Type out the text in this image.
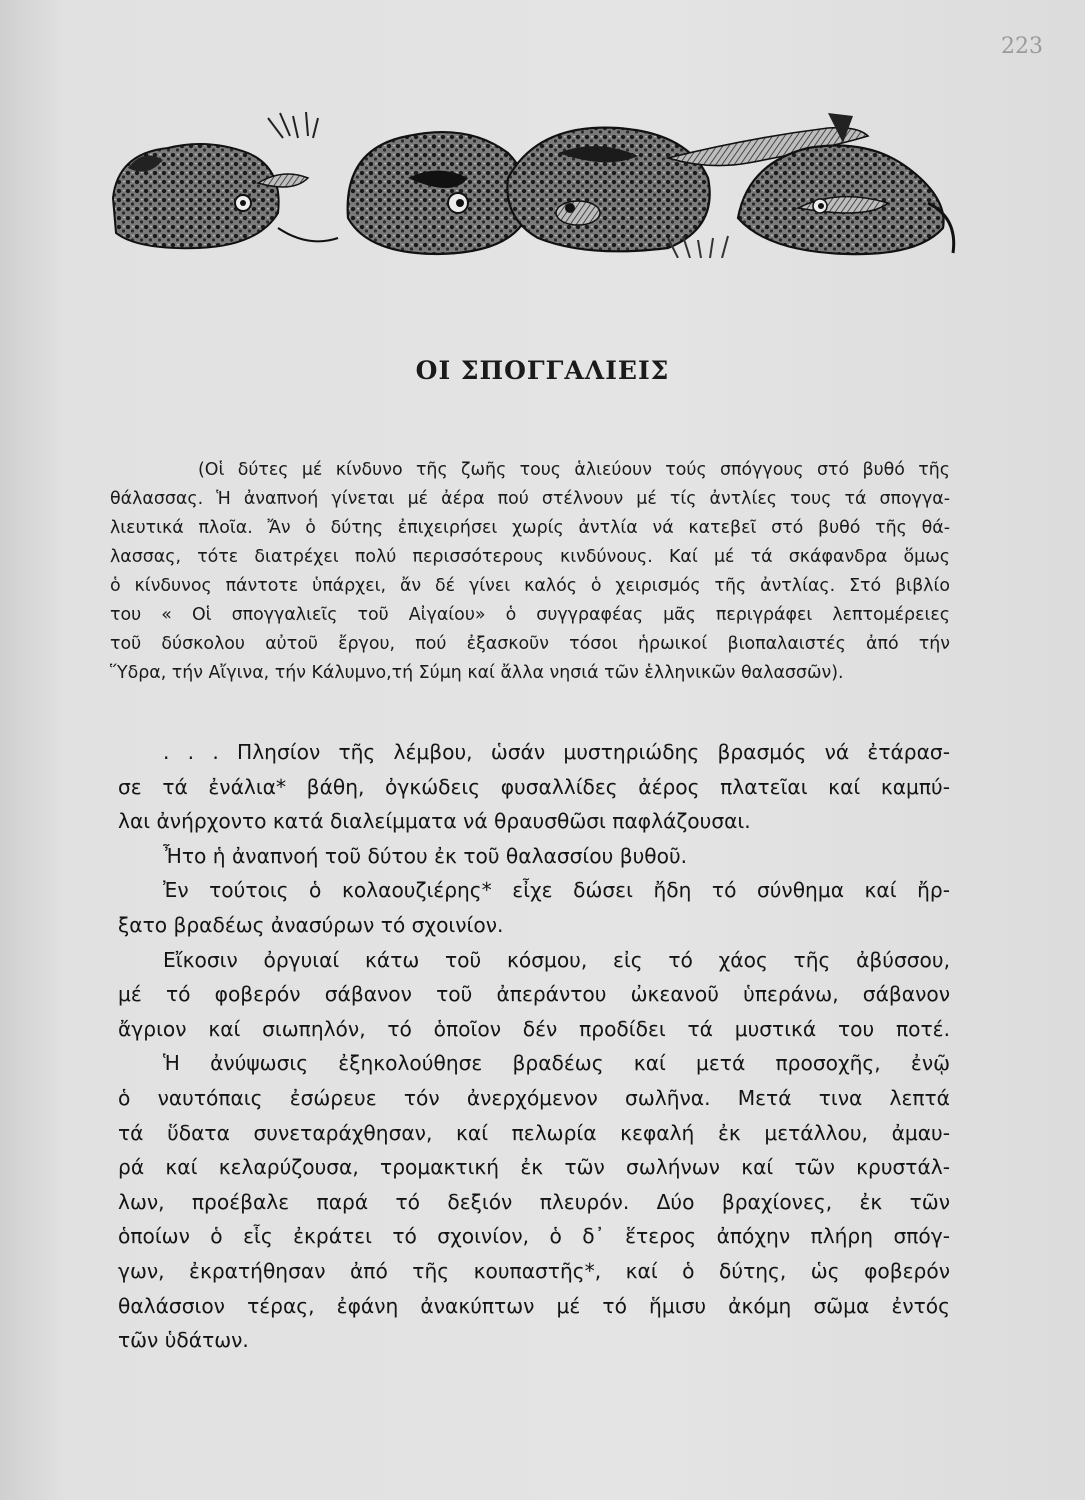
223
ΟΙ ΣΠΟΓΓΑΛΙΕΙΣ
(Οἱ δύτες μέ κίνδυνο τῆς ζωῆς τους ἁλιεύουν τούς σπόγγους στό βυθό τῆς
θάλασσας. Ἡ ἀναπνοή γίνεται μέ ἀέρα πού στέλνουν μέ τίς ἀντλίες τους τά σπογγα-
λιευτικά πλοῖα. Ἄν ὁ δύτης ἐπιχειρήσει χωρίς ἀντλία νά κατεβεῖ στό βυθό τῆς θά-
λασσας, τότε διατρέχει πολύ περισσότερους κινδύνους. Καί μέ τά σκάφανδρα ὅμως
ὁ κίνδυνος πάντοτε ὑπάρχει, ἄν δέ γίνει καλός ὁ χειρισμός τῆς ἀντλίας. Στό βιβλίο
του « Οἱ σπογγαλιεῖς τοῦ Αἰγαίου» ὁ συγγραφέας μᾶς περιγράφει λεπτομέρειες
τοῦ δύσκολου αὐτοῦ ἔργου, πού ἐξασκοῦν τόσοι ἡρωικοί βιοπαλαιστές ἀπό τήν
Ὕδρα, τήν Αἴγινα, τήν Κάλυμνο,τή Σύμη καί ἄλλα νησιά τῶν ἑλληνικῶν θαλασσῶν).
. . . Πλησίον τῆς λέμβου, ὡσάν μυστηριώδης βρασμός νά ἐτάρασ-
σε τά ἐνάλια* βάθη, ὀγκώδεις φυσαλλίδες ἀέρος πλατεῖαι καί καμπύ-
λαι ἀνήρχοντο κατά διαλείμματα νά θραυσθῶσι παφλάζουσαι.
Ἦτο ἡ ἀναπνοή τοῦ δύτου ἐκ τοῦ θαλασσίου βυθοῦ.
Ἐν τούτοις ὁ κολαουζιέρης* εἶχε δώσει ἤδη τό σύνθημα καί ἤρ-
ξατο βραδέως ἀνασύρων τό σχοινίον.
Εἴκοσιν ὀργυιαί κάτω τοῦ κόσμου, εἰς τό χάος τῆς ἀβύσσου,
μέ τό φοβερόν σάβανον τοῦ ἀπεράντου ὠκεανοῦ ὑπεράνω, σάβανον
ἄγριον καί σιωπηλόν, τό ὁποῖον δέν προδίδει τά μυστικά του ποτέ.
Ἡ ἀνύψωσις ἐξηκολούθησε βραδέως καί μετά προσοχῆς, ἐνῷ
ὁ ναυτόπαις ἐσώρευε τόν ἀνερχόμενον σωλῆνα. Μετά τινα λεπτά
τά ὕδατα συνεταράχθησαν, καί πελωρία κεφαλή ἐκ μετάλλου, ἀμαυ-
ρά καί κελαρύζουσα, τρομακτική ἐκ τῶν σωλήνων καί τῶν κρυστάλ-
λων, προέβαλε παρά τό δεξιόν πλευρόν. Δύο βραχίονες, ἐκ τῶν
ὁποίων ὁ εἷς ἐκράτει τό σχοινίον, ὁ δ᾽ ἕτερος ἀπόχην πλήρη σπόγ-
γων, ἐκρατήθησαν ἀπό τῆς κουπαστῆς*, καί ὁ δύτης, ὡς φοβερόν
θαλάσσιον τέρας, ἐφάνη ἀνακύπτων μέ τό ἥμισυ ἀκόμη σῶμα ἐντός
τῶν ὑδάτων.
